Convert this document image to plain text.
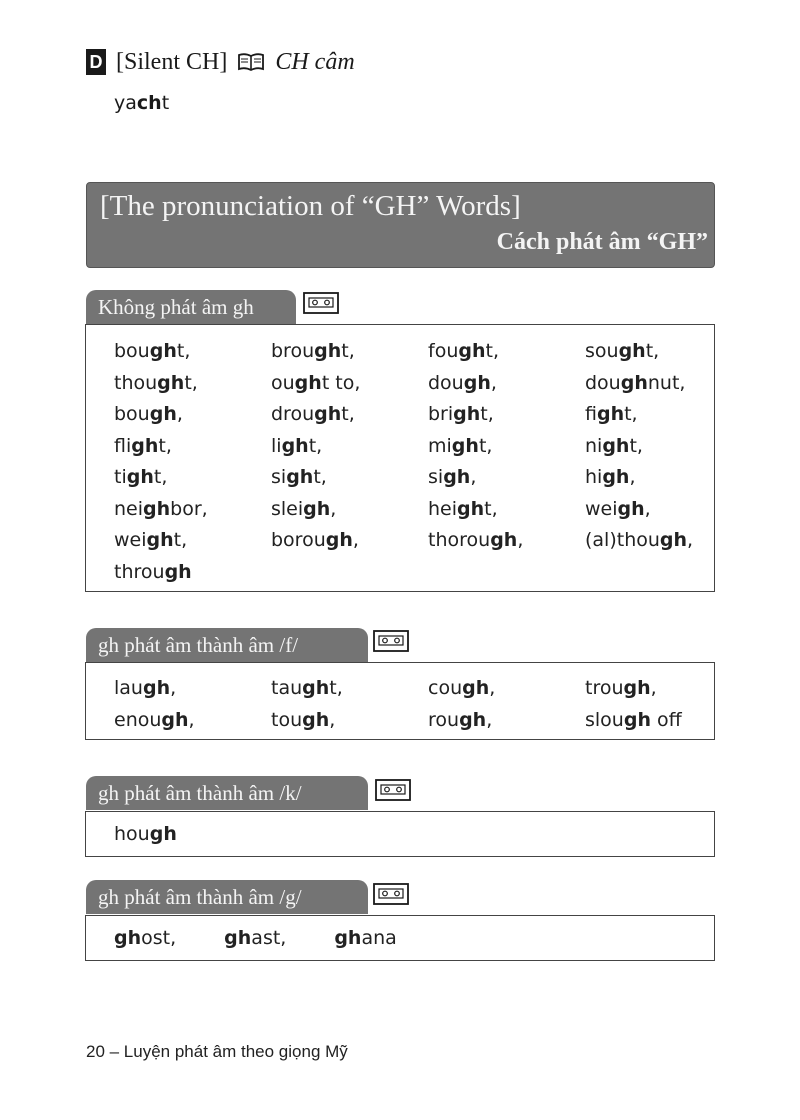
D [Silent CH] CH câm
yacht
[The pronunciation of “GH” Words]
Cách phát âm “GH”
Không phát âm gh
bought,	brought,	fought,	sought,
thought,	ought to,	dough,	doughnut,
bough,	drought,	bright,	fight,
flight,	light,	might,	night,
tight,	sight,	sigh,	high,
neighbor,	sleigh,	height,	weigh,
weight,	borough,	thorough,	(al)though,
through
gh phát âm thành âm /f/
laugh,	taught,	cough,	trough,
enough,	tough,	rough,	slough off
gh phát âm thành âm /k/
hough
gh phát âm thành âm /g/
ghost,	ghast,	ghana
20 – Luyện phát âm theo giọng Mỹ
